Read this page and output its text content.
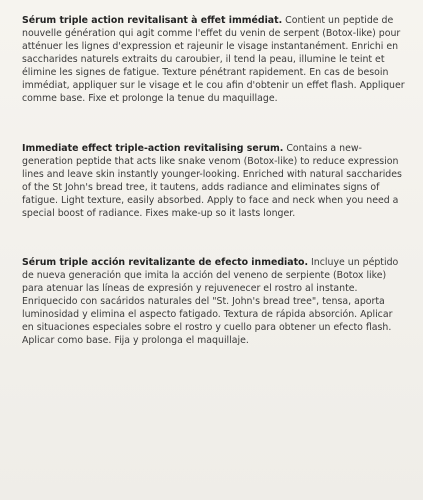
Sérum triple action revitalisant à effet immédiat. Contient un peptide de nouvelle génération qui agit comme l'effet du venin de serpent (Botox-like) pour atténuer les lignes d'expression et rajeunir le visage instantanément. Enrichi en saccharides naturels extraits du caroubier, il tend la peau, illumine le teint et élimine les signes de fatigue. Texture pénétrant rapidement. En cas de besoin immédiat, appliquer sur le visage et le cou afin d'obtenir un effet flash. Appliquer comme base. Fixe et prolonge la tenue du maquillage.

Immediate effect triple-action revitalising serum. Contains a new-generation peptide that acts like snake venom (Botox-like) to reduce expression lines and leave skin instantly younger-looking. Enriched with natural saccharides of the St John's bread tree, it tautens, adds radiance and eliminates signs of fatigue. Light texture, easily absorbed. Apply to face and neck when you need a special boost of radiance. Fixes make-up so it lasts longer.

Sérum triple acción revitalizante de efecto inmediato. Incluye un péptido de nueva generación que imita la acción del veneno de serpiente (Botox like) para atenuar las líneas de expresión y rejuvenecer el rostro al instante. Enriquecido con sacáridos naturales del "St. John's bread tree", tensa, aporta luminosidad y elimina el aspecto fatigado. Textura de rápida absorción. Aplicar en situaciones especiales sobre el rostro y cuello para obtener un efecto flash. Aplicar como base. Fija y prolonga el maquillaje.
